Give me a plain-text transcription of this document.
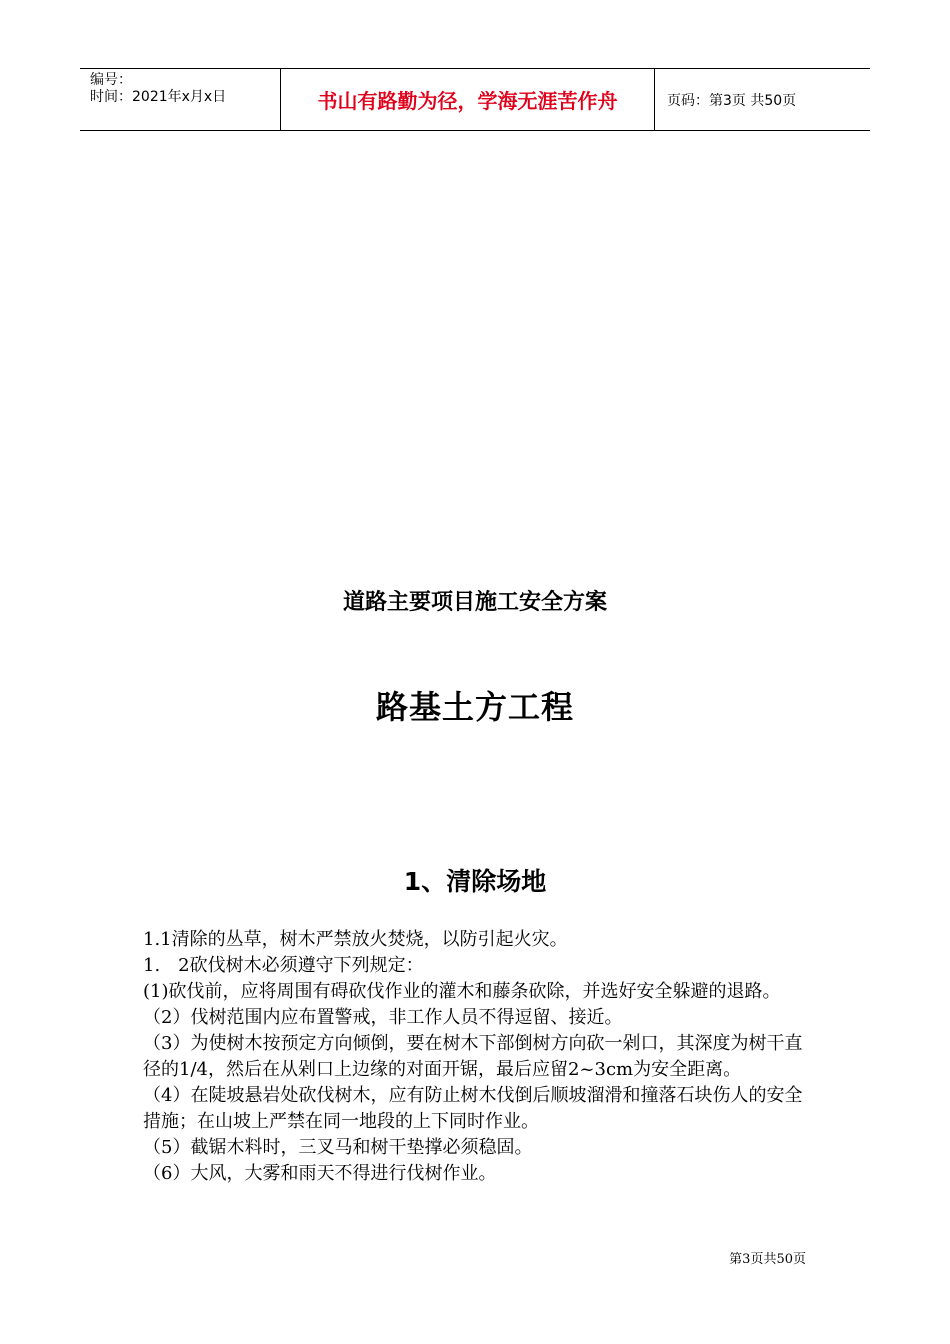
编号：
时间：2021年x月x日	书山有路勤为径，学海无涯苦作舟	页码：第3页 共50页
道路主要项目施工安全方案
路基土方工程
1、清除场地

1.1清除的丛草，树木严禁放火焚烧，以防引起火灾。

1.　2砍伐树木必须遵守下列规定：

(1)砍伐前，应将周围有碍砍伐作业的灌木和藤条砍除，并选好安全躲避的退路。

（2）伐树范围内应布置警戒，非工作人员不得逗留、接近。

（3）为使树木按预定方向倾倒，要在树木下部倒树方向砍一剁口，其深度为树干直径的1/4，然后在从剁口上边缘的对面开锯，最后应留2~3cm为安全距离。

（4）在陡坡悬岩处砍伐树木，应有防止树木伐倒后顺坡溜滑和撞落石块伤人的安全措施；在山坡上严禁在同一地段的上下同时作业。

（5）截锯木料时，三叉马和树干垫撑必须稳固。

（6）大风，大雾和雨天不得进行伐树作业。

第3页共50页
